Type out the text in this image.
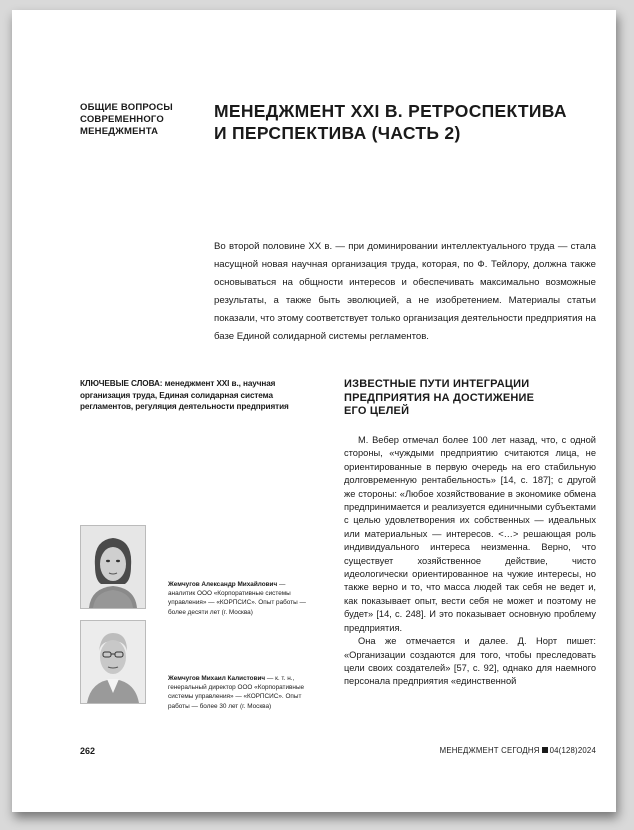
ОБЩИЕ ВОПРОСЫ
СОВРЕМЕННОГО
МЕНЕДЖМЕНТА
МЕНЕДЖМЕНТ XXI В. РЕТРОСПЕКТИВА
И ПЕРСПЕКТИВА (ЧАСТЬ 2)
Во второй половине XX в. — при доминировании интеллектуального труда — стала насущной новая научная организация труда, которая, по Ф. Тейлору, должна также основываться на общности интересов и обеспечивать максимально возможные результаты, а также быть эволюцией, а не изобретением. Материалы статьи показали, что этому соответствует только организация деятельности предприятия на базе Единой солидарной системы регламентов.
КЛЮЧЕВЫЕ СЛОВА: менеджмент XXI в., научная организация труда, Единая солидарная система регламентов, регуляция деятельности предприятия
ИЗВЕСТНЫЕ ПУТИ ИНТЕГРАЦИИ
ПРЕДПРИЯТИЯ НА ДОСТИЖЕНИЕ
ЕГО ЦЕЛЕЙ

М. Вебер отмечал более 100 лет назад, что, с одной стороны, «чуждыми предприятию считаются лица, не ориентированные в первую очередь на его стабильную долговременную рентабельность» [14, с. 187]; с другой же стороны: «Любое хозяйствование в экономике обмена предпринимается и реализуется единичными субъектами с целью удовлетворения их собственных — идеальных или материальных — интересов. <…> решающая роль индивидуального интереса неизменна. Верно, что существует хозяйственное действие, чисто идеологически ориентированное на чужие интересы, но также верно и то, что масса людей так себя не ведет и, как показывает опыт, вести себя не может и поэтому не будет» [14, с. 248]. И это показывает основную проблему предприятия.

Она же отмечается и далее. Д. Норт пишет: «Организации создаются для того, чтобы преследовать цели своих создателей» [57, с. 92], однако для наемного персонала предприятия «единственной

Жемчугов Александр Михайлович — аналитик ООО «Корпоративные системы управления» — «КОРПСИС». Опыт работы — более десяти лет (г. Москва)
Жемчугов Михаил Калистович — к. т. н., генеральный директор ООО «Корпоративные системы управления» — «КОРПСИС». Опыт работы — более 30 лет (г. Москва)
262	МЕНЕДЖМЕНТ СЕГОДНЯ 04(128)2024
